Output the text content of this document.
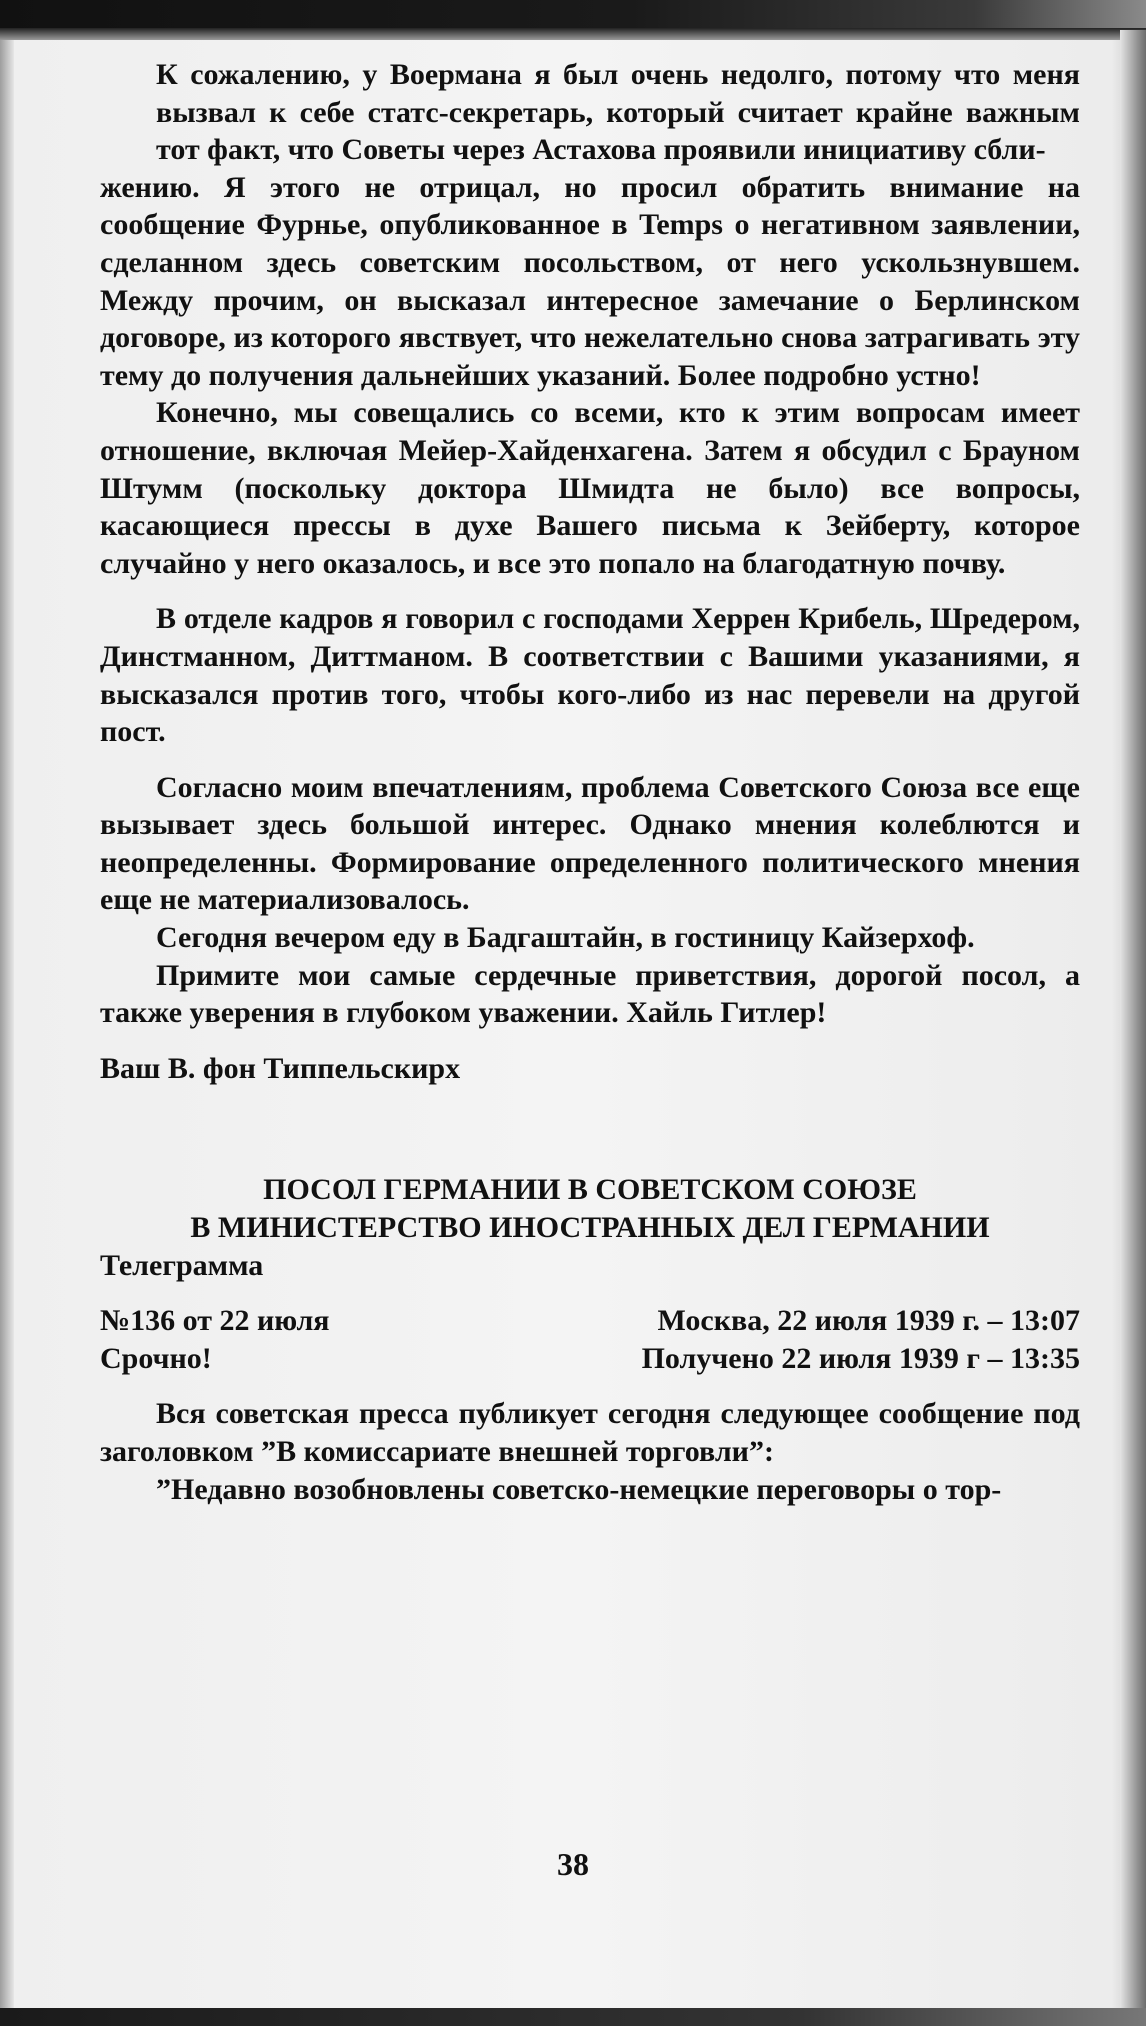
К сожалению, у Воермана я был очень недолго, потому что меня вызвал к себе статс-секретарь, который считает крайне важным тот факт, что Советы через Астахова проявили инициативу сбли-

жению. Я этого не отрицал, но просил обратить внимание на сообщение Фурнье, опубликованное в Temps о негативном заявлении, сделанном здесь советским посольством, от него ускользнувшем. Между прочим, он высказал интересное замечание о Берлинском договоре, из которого явствует, что нежелательно снова затрагивать эту тему до получения дальнейших указаний. Более подробно устно!

Конечно, мы совещались со всеми, кто к этим вопросам имеет отношение, включая Мейер-Хайденхагена. Затем я обсудил с Брауном Штумм (поскольку доктора Шмидта не было) все вопросы, касающиеся прессы в духе Вашего письма к Зейберту, которое случайно у него оказалось, и все это попало на благодатную почву.

В отделе кадров я говорил с господами Херрен Крибель, Шредером, Динстманном, Диттманом. В соответствии с Вашими указаниями, я высказался против того, чтобы кого-либо из нас перевели на другой пост.

Согласно моим впечатлениям, проблема Советского Союза все еще вызывает здесь большой интерес. Однако мнения колеблются и неопределенны. Формирование определенного политического мнения еще не материализовалось.

Сегодня вечером еду в Бадгаштайн, в гостиницу Кайзерхоф.

Примите мои самые сердечные приветствия, дорогой посол, а также уверения в глубоком уважении. Хайль Гитлер!

Ваш В. фон Типпельскирх

ПОСОЛ ГЕРМАНИИ В СОВЕТСКОМ СОЮЗЕ
В МИНИСТЕРСТВО ИНОСТРАННЫХ ДЕЛ ГЕРМАНИИ

Телеграмма

№136 от 22 июля	Москва, 22 июля 1939 г. – 13:07
Срочно!	Получено 22 июля 1939 г – 13:35

Вся советская пресса публикует сегодня следующее сообщение под заголовком ”В комиссариате внешней торговли”:

”Недавно возобновлены советско-немецкие переговоры о тор-

38
